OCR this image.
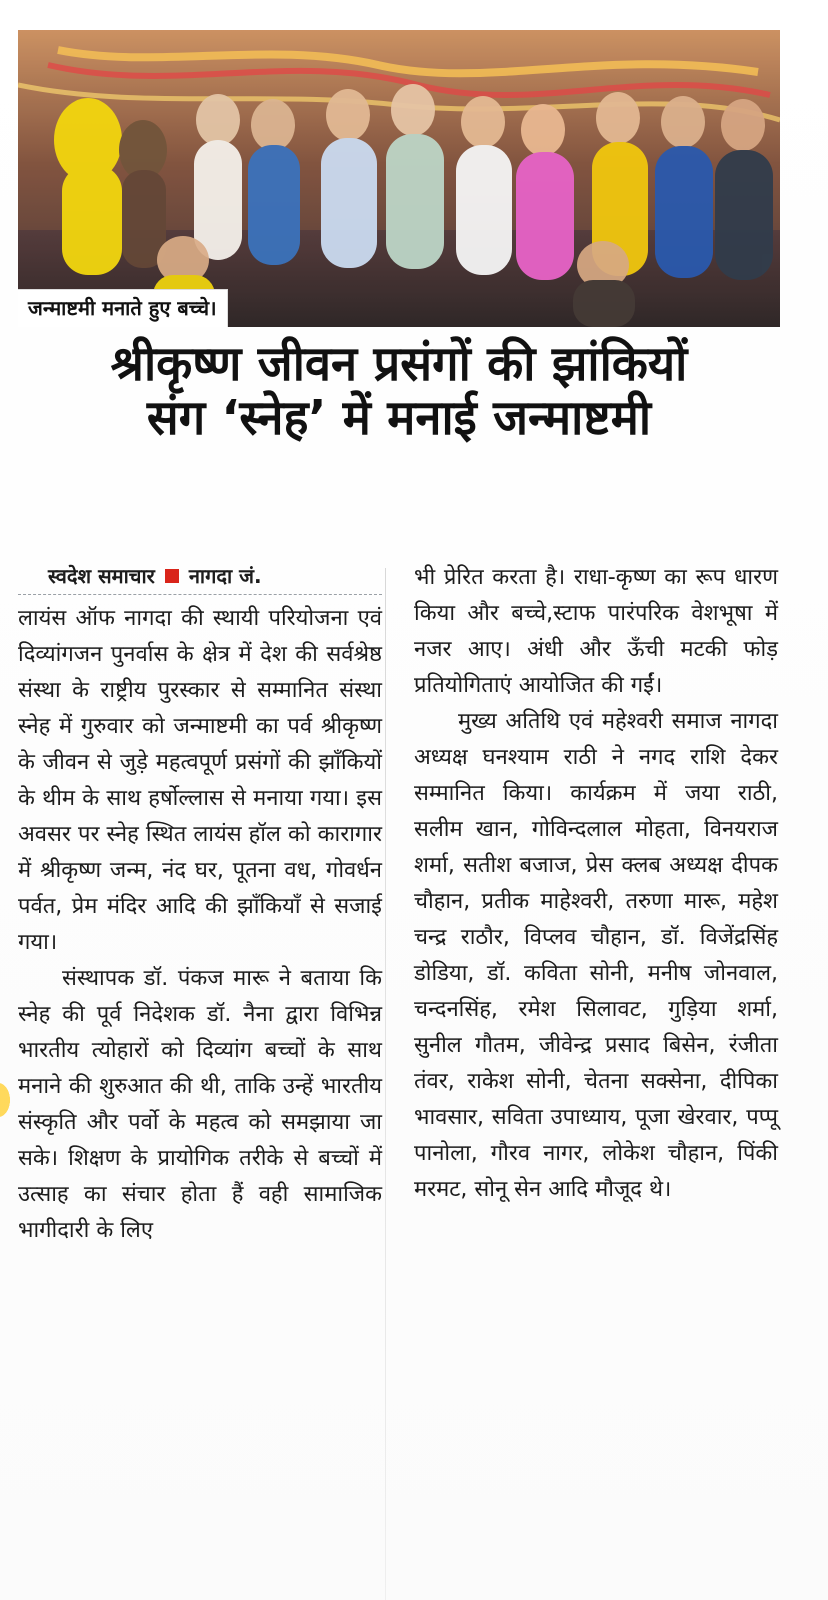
जन्माष्टमी मनाते हुए बच्चे।
श्रीकृष्ण जीवन प्रसंगों की झांकियों
संग ‘स्नेह’ में मनाई जन्माष्टमी
स्वदेश समाचार नागदा जं.

लायंस ऑफ नागदा की स्थायी परियोजना एवं दिव्यांगजन पुनर्वास के क्षेत्र में देश की सर्वश्रेष्ठ संस्था के राष्ट्रीय पुरस्कार से सम्मानित संस्था स्नेह में गुरुवार को जन्माष्टमी का पर्व श्रीकृष्ण के जीवन से जुड़े महत्वपूर्ण प्रसंगों की झाँकियों के थीम के साथ हर्षोल्लास से मनाया गया। इस अवसर पर स्नेह स्थित लायंस हॉल को कारागार में श्रीकृष्ण जन्म, नंद घर, पूतना वध, गोवर्धन पर्वत, प्रेम मंदिर आदि की झाँकियाँ से सजाई गया।

संस्थापक डॉ. पंकज मारू ने बताया कि स्नेह की पूर्व निदेशक डॉ. नैना द्वारा विभिन्न भारतीय त्योहारों को दिव्यांग बच्चों के साथ मनाने की शुरुआत की थी, ताकि उन्हें भारतीय संस्कृति और पर्वो के महत्व को समझाया जा सके। शिक्षण के प्रायोगिक तरीके से बच्चों में उत्साह का संचार होता हैं वही सामाजिक भागीदारी के लिए

भी प्रेरित करता है। राधा-कृष्ण का रूप धारण किया और बच्चे,स्टाफ पारंपरिक वेशभूषा में नजर आए। अंधी और ऊँची मटकी फोड़ प्रतियोगिताएं आयोजित की गईं।

मुख्य अतिथि एवं महेश्वरी समाज नागदा अध्यक्ष घनश्याम राठी ने नगद राशि देकर सम्मानित किया। कार्यक्रम में जया राठी, सलीम खान, गोविन्दलाल मोहता, विनयराज शर्मा, सतीश बजाज, प्रेस क्लब अध्यक्ष दीपक चौहान, प्रतीक माहेश्वरी, तरुणा मारू, महेश चन्द्र राठौर, विप्लव चौहान, डॉ. विजेंद्रसिंह डोडिया, डॉ. कविता सोनी, मनीष जोनवाल, चन्दनसिंह, रमेश सिलावट, गुड़िया शर्मा, सुनील गौतम, जीवेन्द्र प्रसाद बिसेन, रंजीता तंवर, राकेश सोनी, चेतना सक्सेना, दीपिका भावसार, सविता उपाध्याय, पूजा खेरवार, पप्पू पानोला, गौरव नागर, लोकेश चौहान, पिंकी मरमट, सोनू सेन आदि मौजूद थे।
